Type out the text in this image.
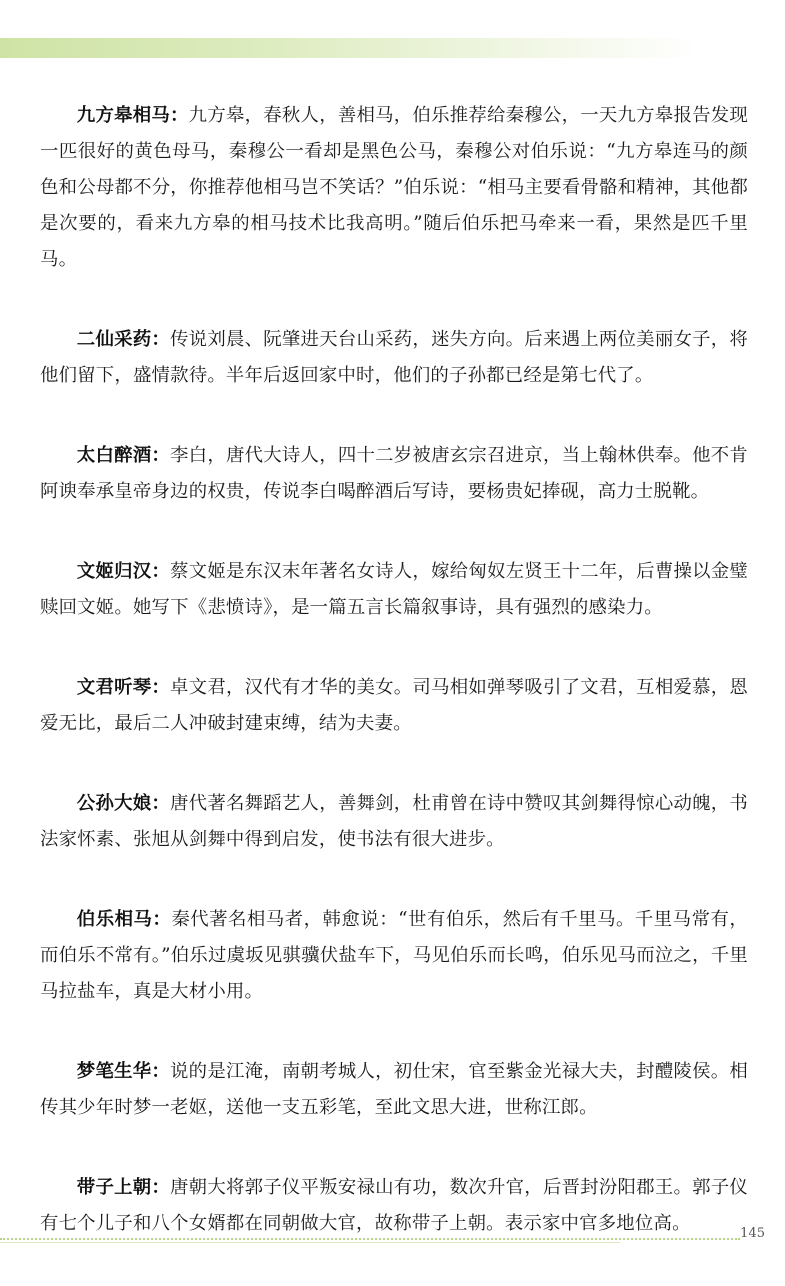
九方皋相马：九方皋，春秋人，善相马，伯乐推荐给秦穆公，一天九方皋报告发现一匹很好的黄色母马，秦穆公一看却是黑色公马，秦穆公对伯乐说：“九方皋连马的颜色和公母都不分，你推荐他相马岂不笑话？”伯乐说：“相马主要看骨骼和精神，其他都是次要的，看来九方皋的相马技术比我高明。”随后伯乐把马牵来一看，果然是匹千里马。

二仙采药：传说刘晨、阮肇进天台山采药，迷失方向。后来遇上两位美丽女子，将他们留下，盛情款待。半年后返回家中时，他们的子孙都已经是第七代了。

太白醉酒：李白，唐代大诗人，四十二岁被唐玄宗召进京，当上翰林供奉。他不肯阿谀奉承皇帝身边的权贵，传说李白喝醉酒后写诗，要杨贵妃捧砚，高力士脱靴。

文姬归汉：蔡文姬是东汉末年著名女诗人，嫁给匈奴左贤王十二年，后曹操以金璧赎回文姬。她写下《悲愤诗》，是一篇五言长篇叙事诗，具有强烈的感染力。

文君听琴：卓文君，汉代有才华的美女。司马相如弹琴吸引了文君，互相爱慕，恩爱无比，最后二人冲破封建束缚，结为夫妻。

公孙大娘：唐代著名舞蹈艺人，善舞剑，杜甫曾在诗中赞叹其剑舞得惊心动魄，书法家怀素、张旭从剑舞中得到启发，使书法有很大进步。

伯乐相马：秦代著名相马者，韩愈说：“世有伯乐，然后有千里马。千里马常有，而伯乐不常有。”伯乐过虞坂见骐骥伏盐车下，马见伯乐而长鸣，伯乐见马而泣之，千里马拉盐车，真是大材小用。

梦笔生华：说的是江淹，南朝考城人，初仕宋，官至紫金光禄大夫，封醴陵侯。相传其少年时梦一老妪，送他一支五彩笔，至此文思大进，世称江郎。

带子上朝：唐朝大将郭子仪平叛安禄山有功，数次升官，后晋封汾阳郡王。郭子仪有七个儿子和八个女婿都在同朝做大官，故称带子上朝。表示家中官多地位高。	145
